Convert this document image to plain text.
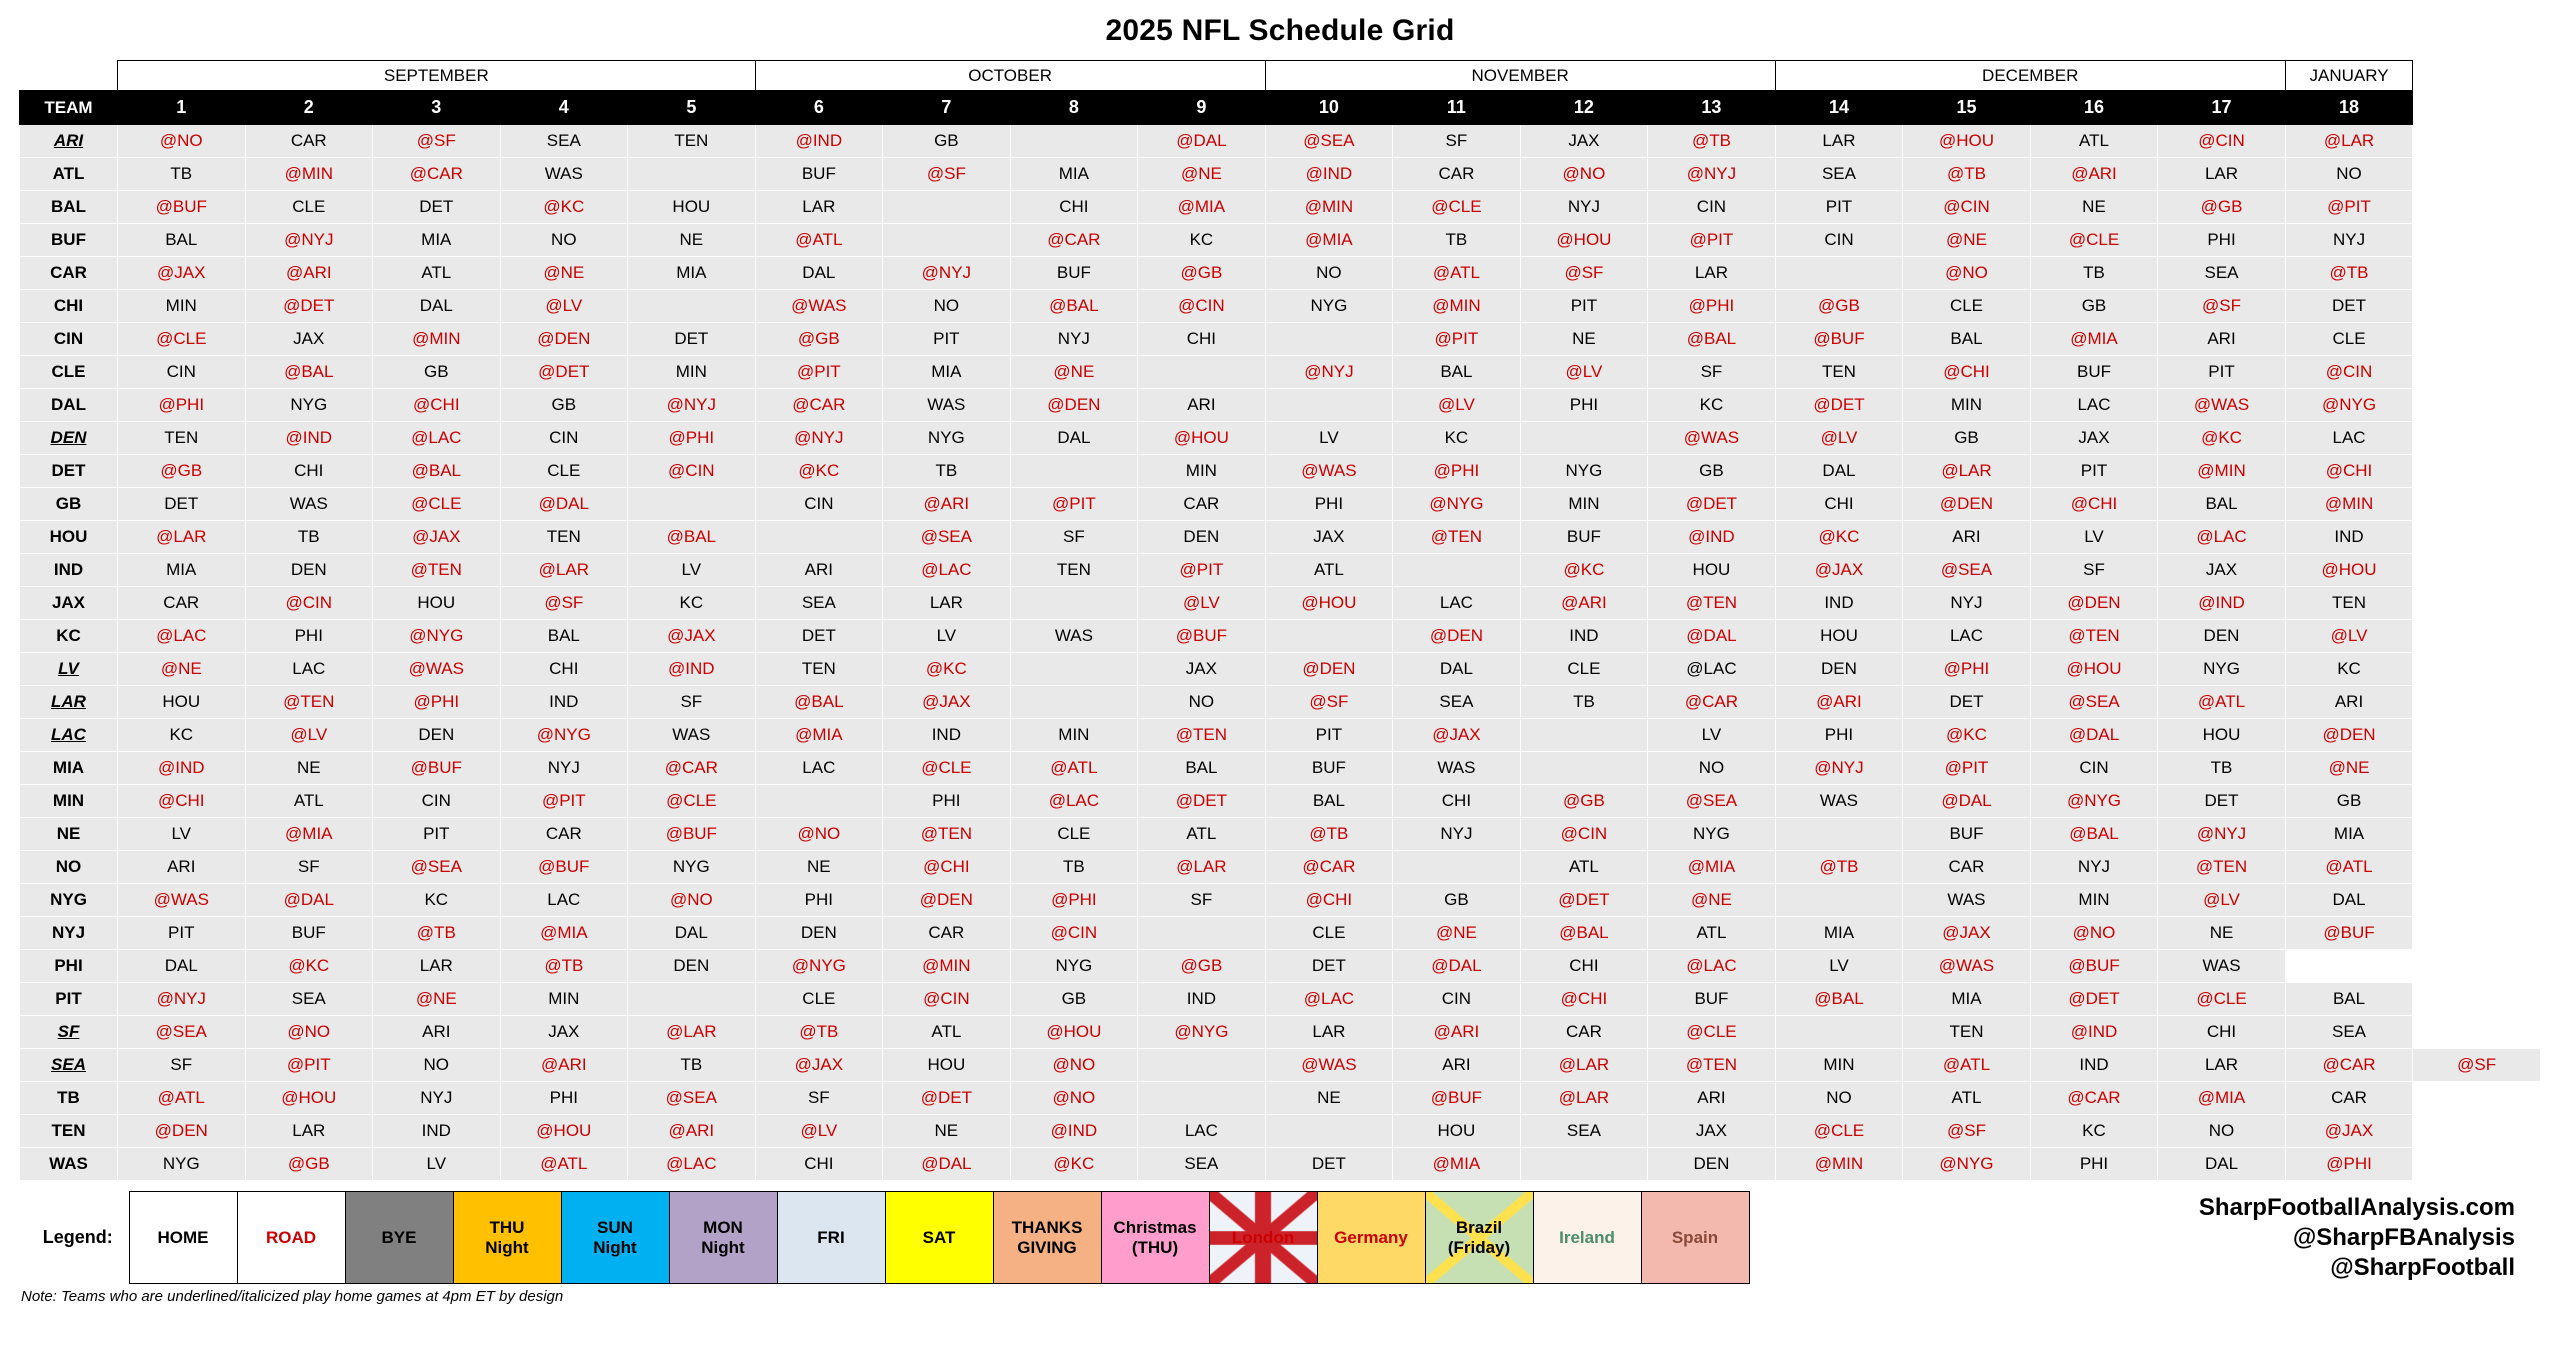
2025 NFL Schedule Grid
	SEPTEMBER					OCTOBER				NOVEMBER				DECEMBER				JANUARY	
TEAM	1	2	3	4	5	6	7	8	9	10	11	12	13	14	15	16	17	18	
ARI	@NO	CAR	@SF	SEA	TEN	@IND	GB		@DAL	@SEA	SF	JAX	@TB	LAR	@HOU	ATL	@CIN	@LAR	
ATL	TB	@MIN	@CAR	WAS		BUF	@SF	MIA	@NE	@IND	CAR	@NO	@NYJ	SEA	@TB	@ARI	LAR	NO	
BAL	@BUF	CLE	DET	@KC	HOU	LAR		CHI	@MIA	@MIN	@CLE	NYJ	CIN	PIT	@CIN	NE	@GB	@PIT	
BUF	BAL	@NYJ	MIA	NO	NE	@ATL		@CAR	KC	@MIA	TB	@HOU	@PIT	CIN	@NE	@CLE	PHI	NYJ	
CAR	@JAX	@ARI	ATL	@NE	MIA	DAL	@NYJ	BUF	@GB	NO	@ATL	@SF	LAR		@NO	TB	SEA	@TB	
CHI	MIN	@DET	DAL	@LV		@WAS	NO	@BAL	@CIN	NYG	@MIN	PIT	@PHI	@GB	CLE	GB	@SF	DET	
CIN	@CLE	JAX	@MIN	@DEN	DET	@GB	PIT	NYJ	CHI		@PIT	NE	@BAL	@BUF	BAL	@MIA	ARI	CLE	
CLE	CIN	@BAL	GB	@DET	MIN	@PIT	MIA	@NE		@NYJ	BAL	@LV	SF	TEN	@CHI	BUF	PIT	@CIN	
DAL	@PHI	NYG	@CHI	GB	@NYJ	@CAR	WAS	@DEN	ARI		@LV	PHI	KC	@DET	MIN	LAC	@WAS	@NYG	
DEN	TEN	@IND	@LAC	CIN	@PHI	@NYJ	NYG	DAL	@HOU	LV	KC		@WAS	@LV	GB	JAX	@KC	LAC	
DET	@GB	CHI	@BAL	CLE	@CIN	@KC	TB		MIN	@WAS	@PHI	NYG	GB	DAL	@LAR	PIT	@MIN	@CHI	
GB	DET	WAS	@CLE	@DAL		CIN	@ARI	@PIT	CAR	PHI	@NYG	MIN	@DET	CHI	@DEN	@CHI	BAL	@MIN	
HOU	@LAR	TB	@JAX	TEN	@BAL		@SEA	SF	DEN	JAX	@TEN	BUF	@IND	@KC	ARI	LV	@LAC	IND	
IND	MIA	DEN	@TEN	@LAR	LV	ARI	@LAC	TEN	@PIT	ATL		@KC	HOU	@JAX	@SEA	SF	JAX	@HOU	
JAX	CAR	@CIN	HOU	@SF	KC	SEA	LAR		@LV	@HOU	LAC	@ARI	@TEN	IND	NYJ	@DEN	@IND	TEN	
KC	@LAC	PHI	@NYG	BAL	@JAX	DET	LV	WAS	@BUF		@DEN	IND	@DAL	HOU	LAC	@TEN	DEN	@LV	
LV	@NE	LAC	@WAS	CHI	@IND	TEN	@KC		JAX	@DEN	DAL	CLE	@LAC	DEN	@PHI	@HOU	NYG	KC	
LAR	HOU	@TEN	@PHI	IND	SF	@BAL	@JAX		NO	@SF	SEA	TB	@CAR	@ARI	DET	@SEA	@ATL	ARI	
LAC	KC	@LV	DEN	@NYG	WAS	@MIA	IND	MIN	@TEN	PIT	@JAX		LV	PHI	@KC	@DAL	HOU	@DEN	
MIA	@IND	NE	@BUF	NYJ	@CAR	LAC	@CLE	@ATL	BAL	BUF	WAS		NO	@NYJ	@PIT	CIN	TB	@NE	
MIN	@CHI	ATL	CIN	@PIT	@CLE		PHI	@LAC	@DET	BAL	CHI	@GB	@SEA	WAS	@DAL	@NYG	DET	GB	
NE	LV	@MIA	PIT	CAR	@BUF	@NO	@TEN	CLE	ATL	@TB	NYJ	@CIN	NYG		BUF	@BAL	@NYJ	MIA	
NO	ARI	SF	@SEA	@BUF	NYG	NE	@CHI	TB	@LAR	@CAR		ATL	@MIA	@TB	CAR	NYJ	@TEN	@ATL	
NYG	@WAS	@DAL	KC	LAC	@NO	PHI	@DEN	@PHI	SF	@CHI	GB	@DET	@NE		WAS	MIN	@LV	DAL	
NYJ	PIT	BUF	@TB	@MIA	DAL	DEN	CAR	@CIN		CLE	@NE	@BAL	ATL	MIA	@JAX	@NO	NE	@BUF	
PHI	DAL	@KC	LAR	@TB	DEN	@NYG	@MIN	NYG	@GB	DET	@DAL	CHI	@LAC	LV	@WAS	@BUF	WAS		
PIT	@NYJ	SEA	@NE	MIN		CLE	@CIN	GB	IND	@LAC	CIN	@CHI	BUF	@BAL	MIA	@DET	@CLE	BAL	
SF	@SEA	@NO	ARI	JAX	@LAR	@TB	ATL	@HOU	@NYG	LAR	@ARI	CAR	@CLE		TEN	@IND	CHI	SEA	
SEA	SF	@PIT	NO	@ARI	TB	@JAX	HOU	@NO		@WAS	ARI	@LAR	@TEN	MIN	@ATL	IND	LAR	@CAR	@SF
TB	@ATL	@HOU	NYJ	PHI	@SEA	SF	@DET	@NO		NE	@BUF	@LAR	ARI	NO	ATL	@CAR	@MIA	CAR	
TEN	@DEN	LAR	IND	@HOU	@ARI	@LV	NE	@IND	LAC		HOU	SEA	JAX	@CLE	@SF	KC	NO	@JAX	
WAS	NYG	@GB	LV	@ATL	@LAC	CHI	@DAL	@KC	SEA	DET	@MIA		DEN	@MIN	@NYG	PHI	DAL	@PHI	
Legend:	HOME	ROAD	BYE	THU
Night	SUN
Night	MON
Night	FRI	SAT	THANKS
GIVING	Christmas
(THU)	London	Germany	Brazil
(Friday)	Ireland	Spain
SharpFootballAnalysis.com
@SharpFBAnalysis
@SharpFootball
Note: Teams who are underlined/italicized play home games at 4pm ET by design
